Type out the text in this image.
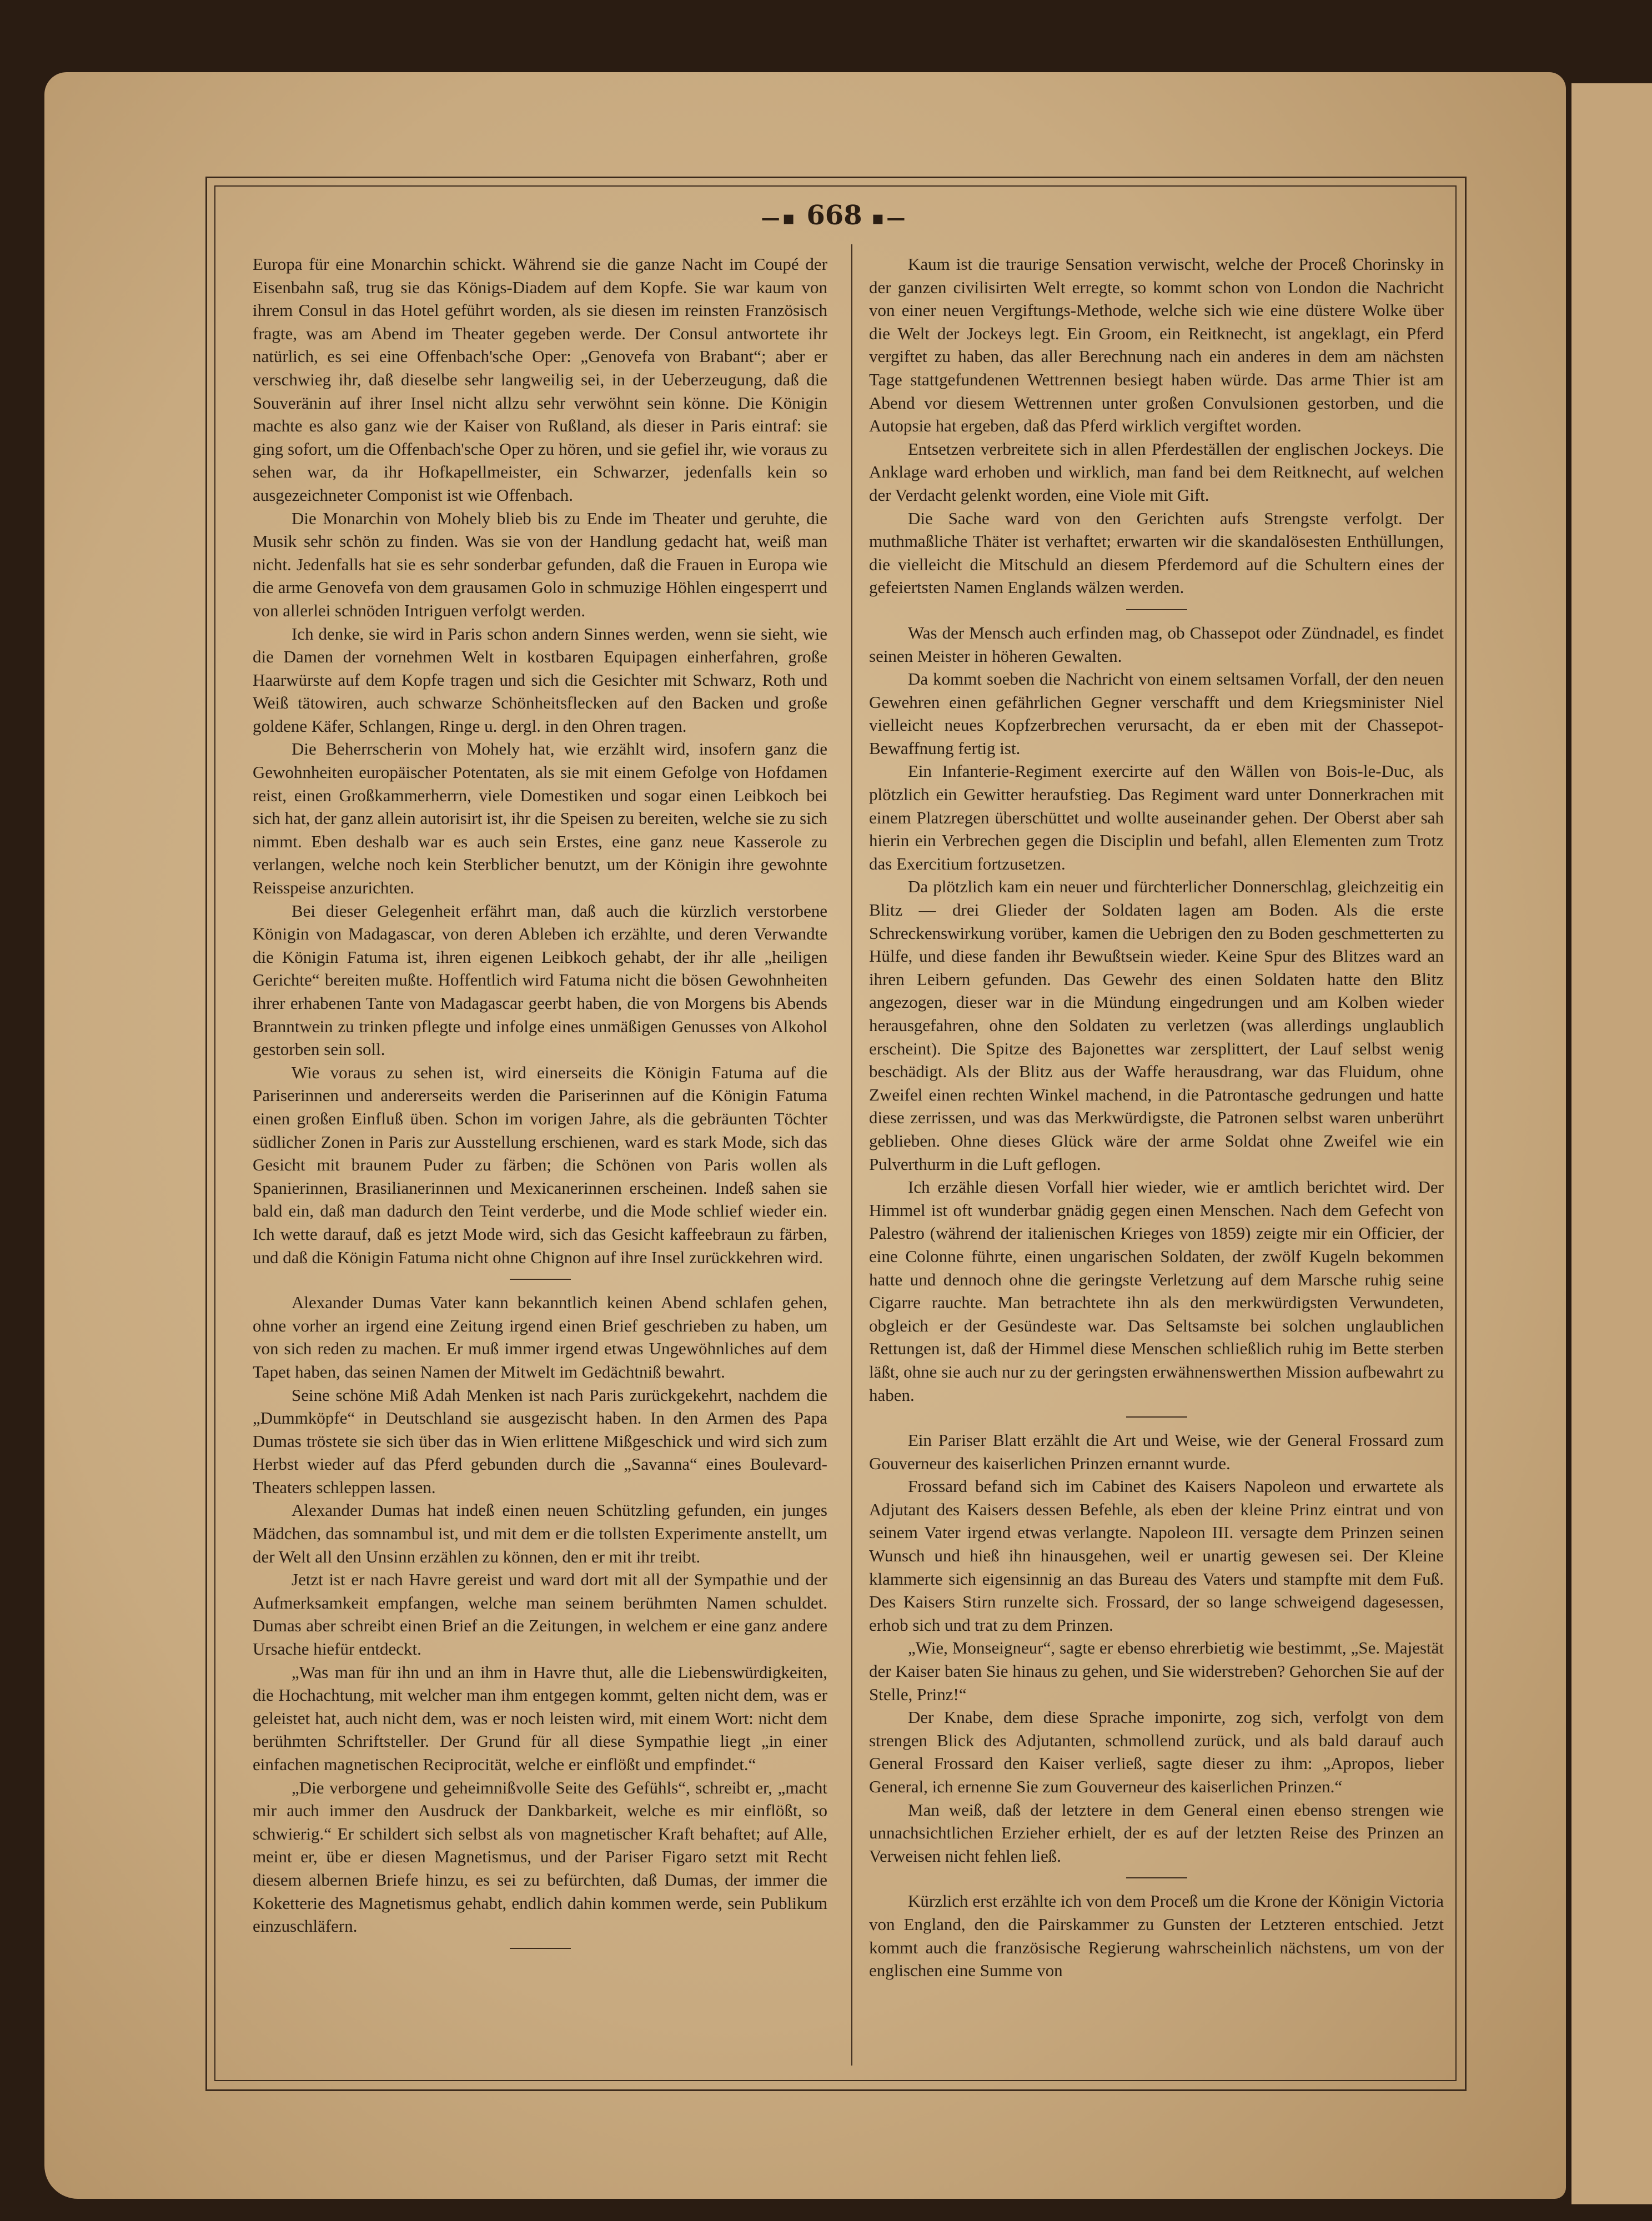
—▪ 668 ▪—

Europa für eine Monarchin schickt. Während sie die ganze Nacht im Coupé der Eisenbahn saß, trug sie das Königs-Diadem auf dem Kopfe. Sie war kaum von ihrem Consul in das Hotel geführt worden, als sie diesen im reinsten Französisch fragte, was am Abend im Theater gegeben werde. Der Consul antwortete ihr natürlich, es sei eine Offenbach'sche Oper: „Genovefa von Brabant“; aber er verschwieg ihr, daß dieselbe sehr langweilig sei, in der Ueberzeugung, daß die Souveränin auf ihrer Insel nicht allzu sehr verwöhnt sein könne. Die Königin machte es also ganz wie der Kaiser von Rußland, als dieser in Paris eintraf: sie ging sofort, um die Offenbach'sche Oper zu hören, und sie gefiel ihr, wie voraus zu sehen war, da ihr Hofkapellmeister, ein Schwarzer, jedenfalls kein so ausgezeichneter Componist ist wie Offenbach.

Die Monarchin von Mohely blieb bis zu Ende im Theater und geruhte, die Musik sehr schön zu finden. Was sie von der Handlung gedacht hat, weiß man nicht. Jedenfalls hat sie es sehr sonderbar gefunden, daß die Frauen in Europa wie die arme Genovefa von dem grausamen Golo in schmuzige Höhlen eingesperrt und von allerlei schnöden Intriguen verfolgt werden.

Ich denke, sie wird in Paris schon andern Sinnes werden, wenn sie sieht, wie die Damen der vornehmen Welt in kostbaren Equipagen einherfahren, große Haarwürste auf dem Kopfe tragen und sich die Gesichter mit Schwarz, Roth und Weiß tätowiren, auch schwarze Schönheitsflecken auf den Backen und große goldene Käfer, Schlangen, Ringe u. dergl. in den Ohren tragen.

Die Beherrscherin von Mohely hat, wie erzählt wird, insofern ganz die Gewohnheiten europäischer Potentaten, als sie mit einem Gefolge von Hofdamen reist, einen Großkammerherrn, viele Domestiken und sogar einen Leibkoch bei sich hat, der ganz allein autorisirt ist, ihr die Speisen zu bereiten, welche sie zu sich nimmt. Eben deshalb war es auch sein Erstes, eine ganz neue Kasserole zu verlangen, welche noch kein Sterblicher benutzt, um der Königin ihre gewohnte Reisspeise anzurichten.

Bei dieser Gelegenheit erfährt man, daß auch die kürzlich verstorbene Königin von Madagascar, von deren Ableben ich erzählte, und deren Verwandte die Königin Fatuma ist, ihren eigenen Leibkoch gehabt, der ihr alle „heiligen Gerichte“ bereiten mußte. Hoffentlich wird Fatuma nicht die bösen Gewohnheiten ihrer erhabenen Tante von Madagascar geerbt haben, die von Morgens bis Abends Branntwein zu trinken pflegte und infolge eines unmäßigen Genusses von Alkohol gestorben sein soll.

Wie voraus zu sehen ist, wird einerseits die Königin Fatuma auf die Pariserinnen und andererseits werden die Pariserinnen auf die Königin Fatuma einen großen Einfluß üben. Schon im vorigen Jahre, als die gebräunten Töchter südlicher Zonen in Paris zur Ausstellung erschienen, ward es stark Mode, sich das Gesicht mit braunem Puder zu färben; die Schönen von Paris wollen als Spanierinnen, Brasilianerinnen und Mexicanerinnen erscheinen. Indeß sahen sie bald ein, daß man dadurch den Teint verderbe, und die Mode schlief wieder ein. Ich wette darauf, daß es jetzt Mode wird, sich das Gesicht kaffeebraun zu färben, und daß die Königin Fatuma nicht ohne Chignon auf ihre Insel zurückkehren wird.

Alexander Dumas Vater kann bekanntlich keinen Abend schlafen gehen, ohne vorher an irgend eine Zeitung irgend einen Brief geschrieben zu haben, um von sich reden zu machen. Er muß immer irgend etwas Ungewöhnliches auf dem Tapet haben, das seinen Namen der Mitwelt im Gedächtniß bewahrt.

Seine schöne Miß Adah Menken ist nach Paris zurückgekehrt, nachdem die „Dummköpfe“ in Deutschland sie ausgezischt haben. In den Armen des Papa Dumas tröstete sie sich über das in Wien erlittene Mißgeschick und wird sich zum Herbst wieder auf das Pferd gebunden durch die „Savanna“ eines Boulevard-Theaters schleppen lassen.

Alexander Dumas hat indeß einen neuen Schützling gefunden, ein junges Mädchen, das somnambul ist, und mit dem er die tollsten Experimente anstellt, um der Welt all den Unsinn erzählen zu können, den er mit ihr treibt.

Jetzt ist er nach Havre gereist und ward dort mit all der Sympathie und der Aufmerksamkeit empfangen, welche man seinem berühmten Namen schuldet. Dumas aber schreibt einen Brief an die Zeitungen, in welchem er eine ganz andere Ursache hiefür entdeckt.

„Was man für ihn und an ihm in Havre thut, alle die Liebenswürdigkeiten, die Hochachtung, mit welcher man ihm entgegen kommt, gelten nicht dem, was er geleistet hat, auch nicht dem, was er noch leisten wird, mit einem Wort: nicht dem berühmten Schriftsteller. Der Grund für all diese Sympathie liegt „in einer einfachen magnetischen Reciprocität, welche er einflößt und empfindet.“

„Die verborgene und geheimnißvolle Seite des Gefühls“, schreibt er, „macht mir auch immer den Ausdruck der Dankbarkeit, welche es mir einflößt, so schwierig.“ Er schildert sich selbst als von magnetischer Kraft behaftet; auf Alle, meint er, übe er diesen Magnetismus, und der Pariser Figaro setzt mit Recht diesem albernen Briefe hinzu, es sei zu befürchten, daß Dumas, der immer die Koketterie des Magnetismus gehabt, endlich dahin kommen werde, sein Publikum einzuschläfern.

Kaum ist die traurige Sensation verwischt, welche der Proceß Chorinsky in der ganzen civilisirten Welt erregte, so kommt schon von London die Nachricht von einer neuen Vergiftungs-Methode, welche sich wie eine düstere Wolke über die Welt der Jockeys legt. Ein Groom, ein Reitknecht, ist angeklagt, ein Pferd vergiftet zu haben, das aller Berechnung nach ein anderes in dem am nächsten Tage stattgefundenen Wettrennen besiegt haben würde. Das arme Thier ist am Abend vor diesem Wettrennen unter großen Convulsionen gestorben, und die Autopsie hat ergeben, daß das Pferd wirklich vergiftet worden.

Entsetzen verbreitete sich in allen Pferdeställen der englischen Jockeys. Die Anklage ward erhoben und wirklich, man fand bei dem Reitknecht, auf welchen der Verdacht gelenkt worden, eine Viole mit Gift.

Die Sache ward von den Gerichten aufs Strengste verfolgt. Der muthmaßliche Thäter ist verhaftet; erwarten wir die skandalösesten Enthüllungen, die vielleicht die Mitschuld an diesem Pferdemord auf die Schultern eines der gefeiertsten Namen Englands wälzen werden.

Was der Mensch auch erfinden mag, ob Chassepot oder Zündnadel, es findet seinen Meister in höheren Gewalten.

Da kommt soeben die Nachricht von einem seltsamen Vorfall, der den neuen Gewehren einen gefährlichen Gegner verschafft und dem Kriegsminister Niel vielleicht neues Kopfzerbrechen verursacht, da er eben mit der Chassepot-Bewaffnung fertig ist.

Ein Infanterie-Regiment exercirte auf den Wällen von Bois-le-Duc, als plötzlich ein Gewitter heraufstieg. Das Regiment ward unter Donnerkrachen mit einem Platzregen überschüttet und wollte auseinander gehen. Der Oberst aber sah hierin ein Verbrechen gegen die Disciplin und befahl, allen Elementen zum Trotz das Exercitium fortzusetzen.

Da plötzlich kam ein neuer und fürchterlicher Donnerschlag, gleichzeitig ein Blitz — drei Glieder der Soldaten lagen am Boden. Als die erste Schreckenswirkung vorüber, kamen die Uebrigen den zu Boden geschmetterten zu Hülfe, und diese fanden ihr Bewußtsein wieder. Keine Spur des Blitzes ward an ihren Leibern gefunden. Das Gewehr des einen Soldaten hatte den Blitz angezogen, dieser war in die Mündung eingedrungen und am Kolben wieder herausgefahren, ohne den Soldaten zu verletzen (was allerdings unglaublich erscheint). Die Spitze des Bajonettes war zersplittert, der Lauf selbst wenig beschädigt. Als der Blitz aus der Waffe herausdrang, war das Fluidum, ohne Zweifel einen rechten Winkel machend, in die Patrontasche gedrungen und hatte diese zerrissen, und was das Merkwürdigste, die Patronen selbst waren unberührt geblieben. Ohne dieses Glück wäre der arme Soldat ohne Zweifel wie ein Pulverthurm in die Luft geflogen.

Ich erzähle diesen Vorfall hier wieder, wie er amtlich berichtet wird. Der Himmel ist oft wunderbar gnädig gegen einen Menschen. Nach dem Gefecht von Palestro (während der italienischen Krieges von 1859) zeigte mir ein Officier, der eine Colonne führte, einen ungarischen Soldaten, der zwölf Kugeln bekommen hatte und dennoch ohne die geringste Verletzung auf dem Marsche ruhig seine Cigarre rauchte. Man betrachtete ihn als den merkwürdigsten Verwundeten, obgleich er der Gesündeste war. Das Seltsamste bei solchen unglaublichen Rettungen ist, daß der Himmel diese Menschen schließlich ruhig im Bette sterben läßt, ohne sie auch nur zu der geringsten erwähnenswerthen Mission aufbewahrt zu haben.

Ein Pariser Blatt erzählt die Art und Weise, wie der General Frossard zum Gouverneur des kaiserlichen Prinzen ernannt wurde.

Frossard befand sich im Cabinet des Kaisers Napoleon und erwartete als Adjutant des Kaisers dessen Befehle, als eben der kleine Prinz eintrat und von seinem Vater irgend etwas verlangte. Napoleon III. versagte dem Prinzen seinen Wunsch und hieß ihn hinausgehen, weil er unartig gewesen sei. Der Kleine klammerte sich eigensinnig an das Bureau des Vaters und stampfte mit dem Fuß. Des Kaisers Stirn runzelte sich. Frossard, der so lange schweigend dagesessen, erhob sich und trat zu dem Prinzen.

„Wie, Monseigneur“, sagte er ebenso ehrerbietig wie bestimmt, „Se. Majestät der Kaiser baten Sie hinaus zu gehen, und Sie widerstreben? Gehorchen Sie auf der Stelle, Prinz!“

Der Knabe, dem diese Sprache imponirte, zog sich, verfolgt von dem strengen Blick des Adjutanten, schmollend zurück, und als bald darauf auch General Frossard den Kaiser verließ, sagte dieser zu ihm: „Apropos, lieber General, ich ernenne Sie zum Gouverneur des kaiserlichen Prinzen.“

Man weiß, daß der letztere in dem General einen ebenso strengen wie unnachsichtlichen Erzieher erhielt, der es auf der letzten Reise des Prinzen an Verweisen nicht fehlen ließ.

Kürzlich erst erzählte ich von dem Proceß um die Krone der Königin Victoria von England, den die Pairskammer zu Gunsten der Letzteren entschied. Jetzt kommt auch die französische Regierung wahrscheinlich nächstens, um von der englischen eine Summe von
